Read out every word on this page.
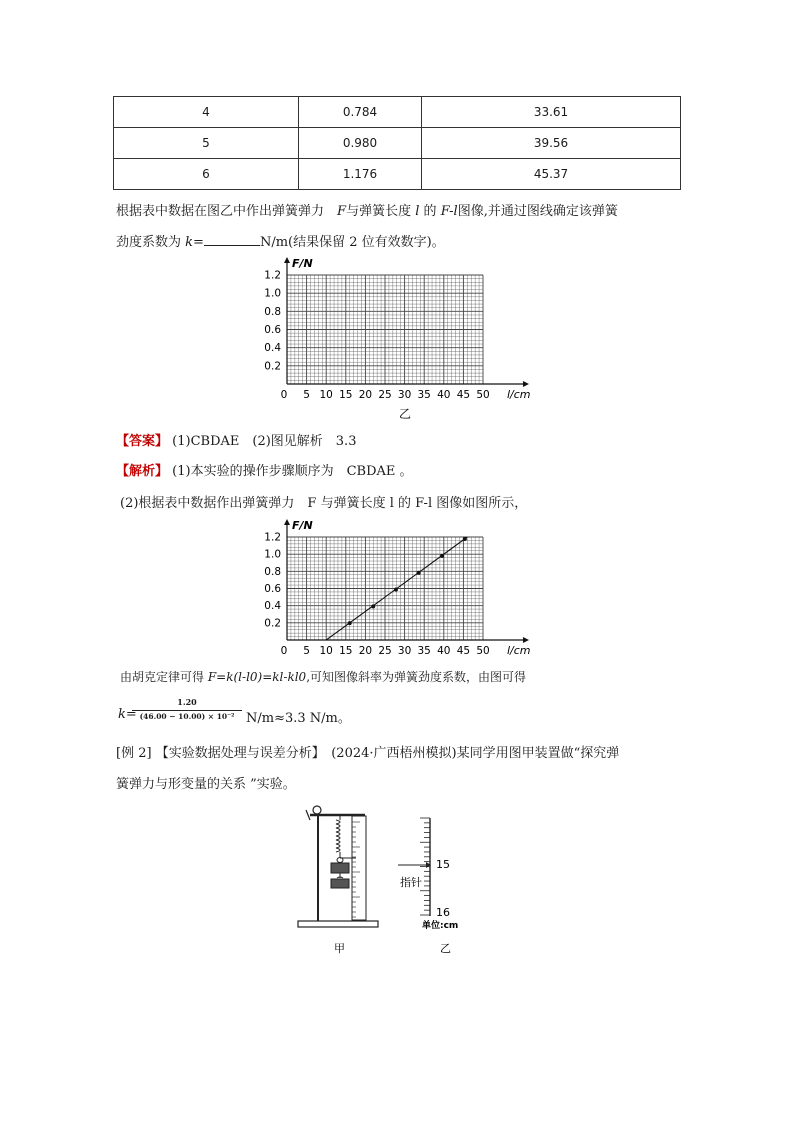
4	0.784	33.61
5	0.980	39.56
6	1.176	45.37
根据表中数据在图乙中作出弹簧弹力　 F与弹簧长度 l 的 F-l图像,并通过图线确定该弹簧
劲度系数为 k=	N/m(结果保留 2 位有效数字)。
0.2
0.4
0.6
0.8
1.0
1.2
0 5 10 15 20 25 30 35 40 45 50
F/N
l/cm
乙
【答案】 (1)CBDAE　(2)图见解析　3.3
【解析】 (1)本实验的操作步骤顺序为　CBDAE 。
(2)根据表中数据作出弹簧弹力　F 与弹簧长度 l 的 F-l 图像如图所示，
0.2
0.4
0.6
0.8
1.0
1.2
0 5 10 15 20 25 30 35 40 45 50
F/N
l/cm
由胡克定律可得 F=k(l-l0)=kl-kl0,可知图像斜率为弹簧劲度系数，由图可得
k=
1.20
(46.00 − 10.00) × 10⁻² N/m≈3.3 N/m。
[例 2] 【实验数据处理与误差分析】　 (2024·广西梧州模拟)某同学用图甲装置做“探究弹
簧弹力与形变量的关系 ”实验。
15
16
指针
单位:cm
甲	乙
